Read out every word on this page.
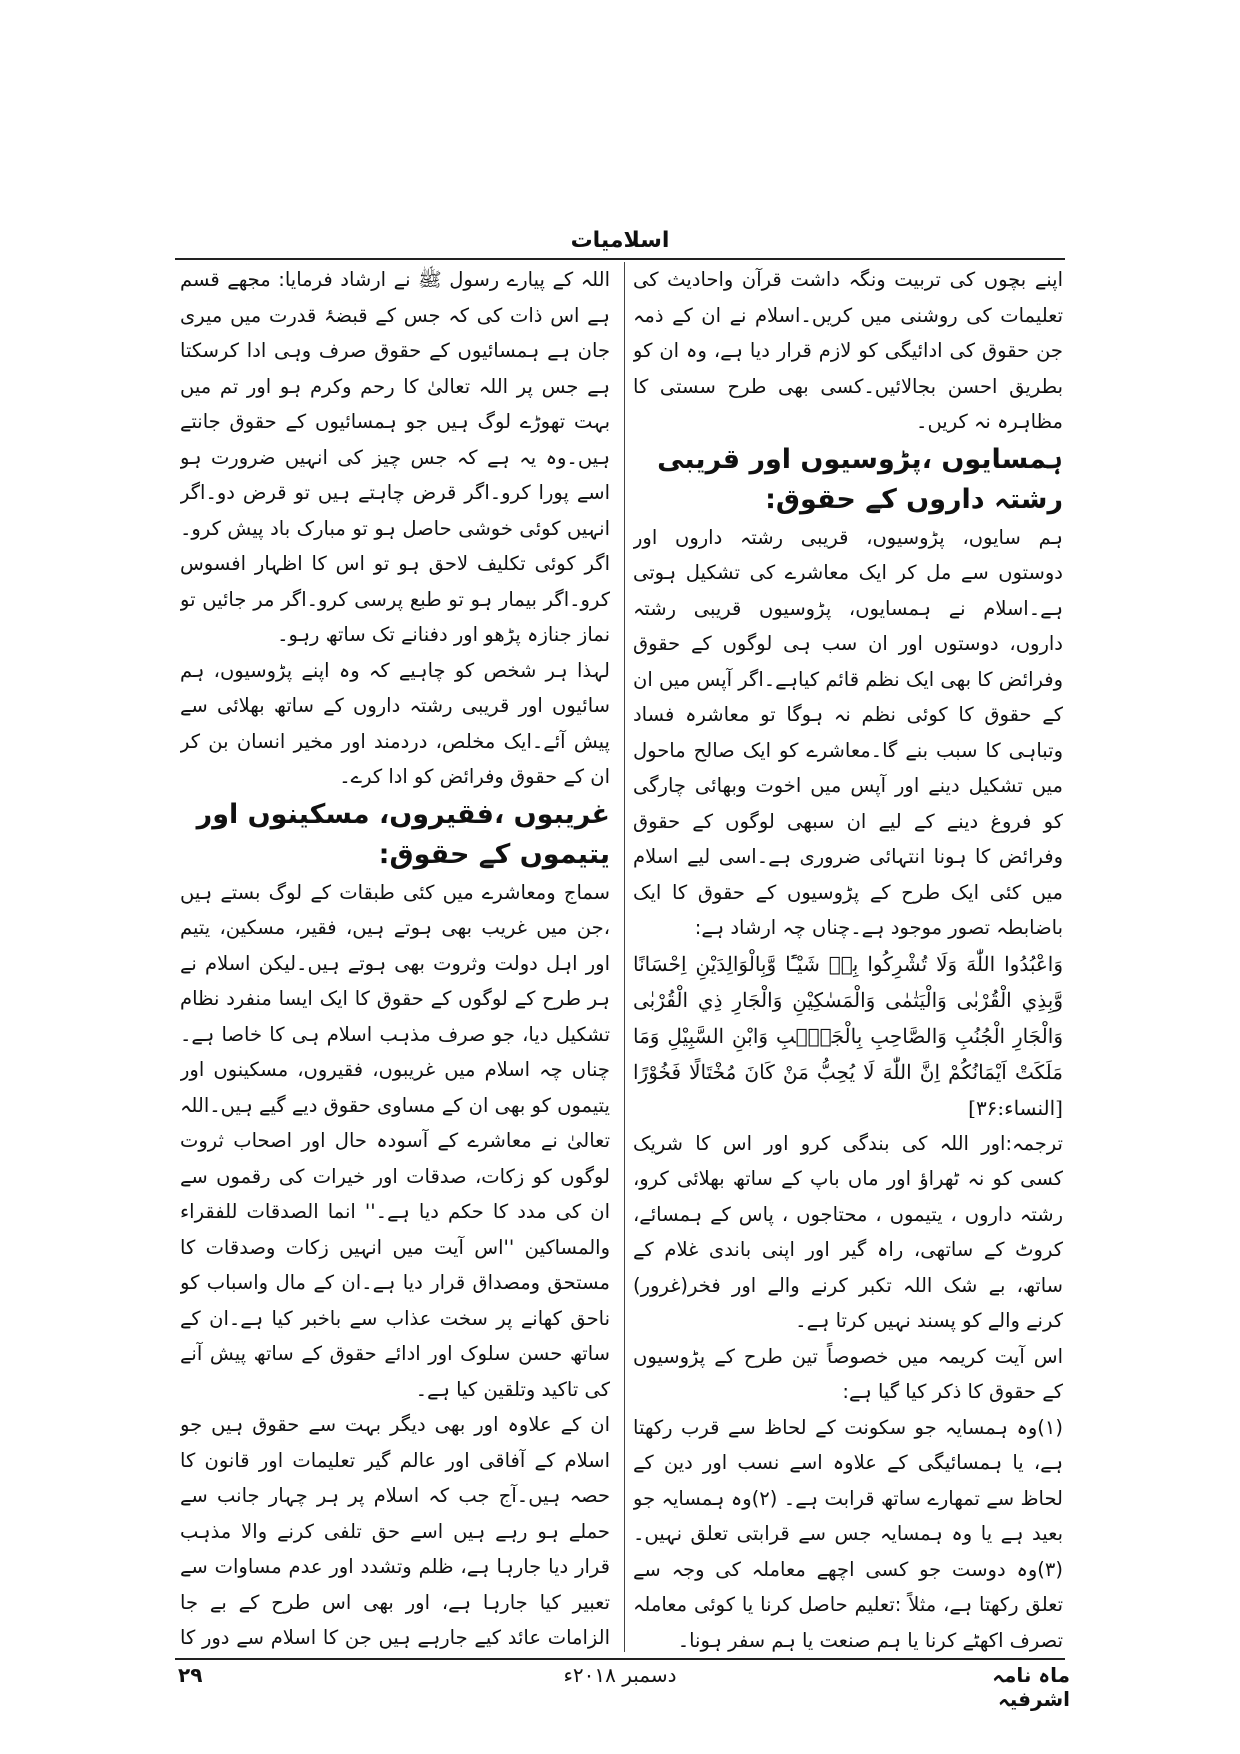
اسلامیات

اپنے بچوں کی تربیت ونگہ داشت قرآن واحادیث کی تعلیمات کی روشنی میں کریں۔اسلام نے ان کے ذمہ جن حقوق کی ادائیگی کو لازم قرار دیا ہے، وہ ان کو بطریق احسن بجالائیں۔کسی بھی طرح سستی کا مظاہرہ نہ کریں۔

ہمسایوں ،پڑوسیوں اور قریبی رشتہ داروں کے حقوق:

ہم سایوں، پڑوسیوں، قریبی رشتہ داروں اور دوستوں سے مل کر ایک معاشرے کی تشکیل ہوتی ہے۔اسلام نے ہمسایوں، پڑوسیوں قریبی رشتہ داروں، دوستوں اور ان سب ہی لوگوں کے حقوق وفرائض کا بھی ایک نظم قائم کیاہے۔اگر آپس میں ان کے حقوق کا کوئی نظم نہ ہوگا تو معاشرہ فساد وتباہی کا سبب بنے گا۔معاشرے کو ایک صالح ماحول میں تشکیل دینے اور آپس میں اخوت وبھائی چارگی کو فروغ دینے کے لیے ان سبھی لوگوں کے حقوق وفرائض کا ہونا انتہائی ضروری ہے۔اسی لیے اسلام میں کئی ایک طرح کے پڑوسیوں کے حقوق کا ایک باضابطہ تصور موجود ہے۔چناں چہ ارشاد ہے:

وَاعْبُدُوا اللّٰهَ وَلَا تُشْرِكُوا بِهٖ شَيْـًٔا وَّبِالْوَالِدَيْنِ اِحْسَانًا وَّبِذِي الْقُرْبٰى وَالْيَتٰمٰى وَالْمَسٰكِيْنِ وَالْجَارِ ذِي الْقُرْبٰى وَالْجَارِ الْجُنُبِ وَالصَّاحِبِ بِالْجَنْۢبِ وَابْنِ السَّبِيْلِ وَمَا مَلَكَتْ اَيْمَانُكُمْ اِنَّ اللّٰهَ لَا يُحِبُّ مَنْ كَانَ مُخْتَالًا فَخُوْرًا [النساء:۳۶]

ترجمہ:اور اللہ کی بندگی کرو اور اس کا شریک کسی کو نہ ٹھراؤ اور ماں باپ کے ساتھ بھلائی کرو، رشتہ داروں ، یتیموں ، محتاجوں ، پاس کے ہمسائے، کروٹ کے ساتھی، راہ گیر اور اپنی باندی غلام کے ساتھ، بے شک اللہ تکبر کرنے والے اور فخر(غرور) کرنے والے کو پسند نہیں کرتا ہے۔

اس آیت کریمہ میں خصوصاً تین طرح کے پڑوسیوں کے حقوق کا ذکر کیا گیا ہے:

(۱)وہ ہمسایہ جو سکونت کے لحاظ سے قرب رکھتا ہے، یا ہمسائیگی کے علاوہ اسے نسب اور دین کے لحاظ سے تمھارے ساتھ قرابت ہے۔ (۲)وہ ہمسایہ جو بعید ہے یا وہ ہمسایہ جس سے قرابتی تعلق نہیں۔ (۳)وہ دوست جو کسی اچھے معاملہ کی وجہ سے تعلق رکھتا ہے، مثلاً :تعلیم حاصل کرنا یا کوئی معاملہ تصرف اکھٹے کرنا یا ہم صنعت یا ہم سفر ہونا۔

اللہ کے پیارے رسول ﷺ نے ارشاد فرمایا: مجھے قسم ہے اس ذات کی کہ جس کے قبضۂ قدرت میں میری جان ہے ہمسائیوں کے حقوق صرف وہی ادا کرسکتا ہے جس پر اللہ تعالیٰ کا رحم وکرم ہو اور تم میں بہت تھوڑے لوگ ہیں جو ہمسائیوں کے حقوق جانتے ہیں۔وہ یہ ہے کہ جس چیز کی انہیں ضرورت ہو اسے پورا کرو۔اگر قرض چاہتے ہیں تو قرض دو۔اگر انہیں کوئی خوشی حاصل ہو تو مبارک باد پیش کرو۔اگر کوئی تکلیف لاحق ہو تو اس کا اظہار افسوس کرو۔اگر بیمار ہو تو طبع پرسی کرو۔اگر مر جائیں تو نماز جنازہ پڑھو اور دفنانے تک ساتھ رہو۔

لہذا ہر شخص کو چاہیے کہ وہ اپنے پڑوسیوں، ہم سائیوں اور قریبی رشتہ داروں کے ساتھ بھلائی سے پیش آئے۔ایک مخلص، دردمند اور مخیر انسان بن کر ان کے حقوق وفرائض کو ادا کرے۔

غریبوں ،فقیروں، مسکینوں اور یتیموں کے حقوق:

سماج ومعاشرے میں کئی طبقات کے لوگ بستے ہیں ،جن میں غریب بھی ہوتے ہیں، فقیر، مسکین، یتیم اور اہل دولت وثروت بھی ہوتے ہیں۔لیکن اسلام نے ہر طرح کے لوگوں کے حقوق کا ایک ایسا منفرد نظام تشکیل دیا، جو صرف مذہب اسلام ہی کا خاصا ہے۔ چناں چہ اسلام میں غریبوں، فقیروں، مسکینوں اور یتیموں کو بھی ان کے مساوی حقوق دیے گیے ہیں۔اللہ تعالیٰ نے معاشرے کے آسودہ حال اور اصحاب ثروت لوگوں کو زکات، صدقات اور خیرات کی رقموں سے ان کی مدد کا حکم دیا ہے۔'' انما الصدقات للفقراء والمساکین ''اس آیت میں انہیں زکات وصدقات کا مستحق ومصداق قرار دیا ہے۔ان کے مال واسباب کو ناحق کھانے پر سخت عذاب سے باخبر کیا ہے۔ان کے ساتھ حسن سلوک اور ادائے حقوق کے ساتھ پیش آنے کی تاکید وتلقین کیا ہے۔

ان کے علاوہ اور بھی دیگر بہت سے حقوق ہیں جو اسلام کے آفاقی اور عالم گیر تعلیمات اور قانون کا حصہ ہیں۔آج جب کہ اسلام پر ہر چہار جانب سے حملے ہو رہے ہیں اسے حق تلفی کرنے والا مذہب قرار دیا جارہا ہے، ظلم وتشدد اور عدم مساوات سے تعبیر کیا جارہا ہے، اور بھی اس طرح کے بے جا الزامات عائد کیے جارہے ہیں جن کا اسلام سے دور کا

ماہ نامہ اشرفیہ
دسمبر ۲۰۱۸ء
۲۹
